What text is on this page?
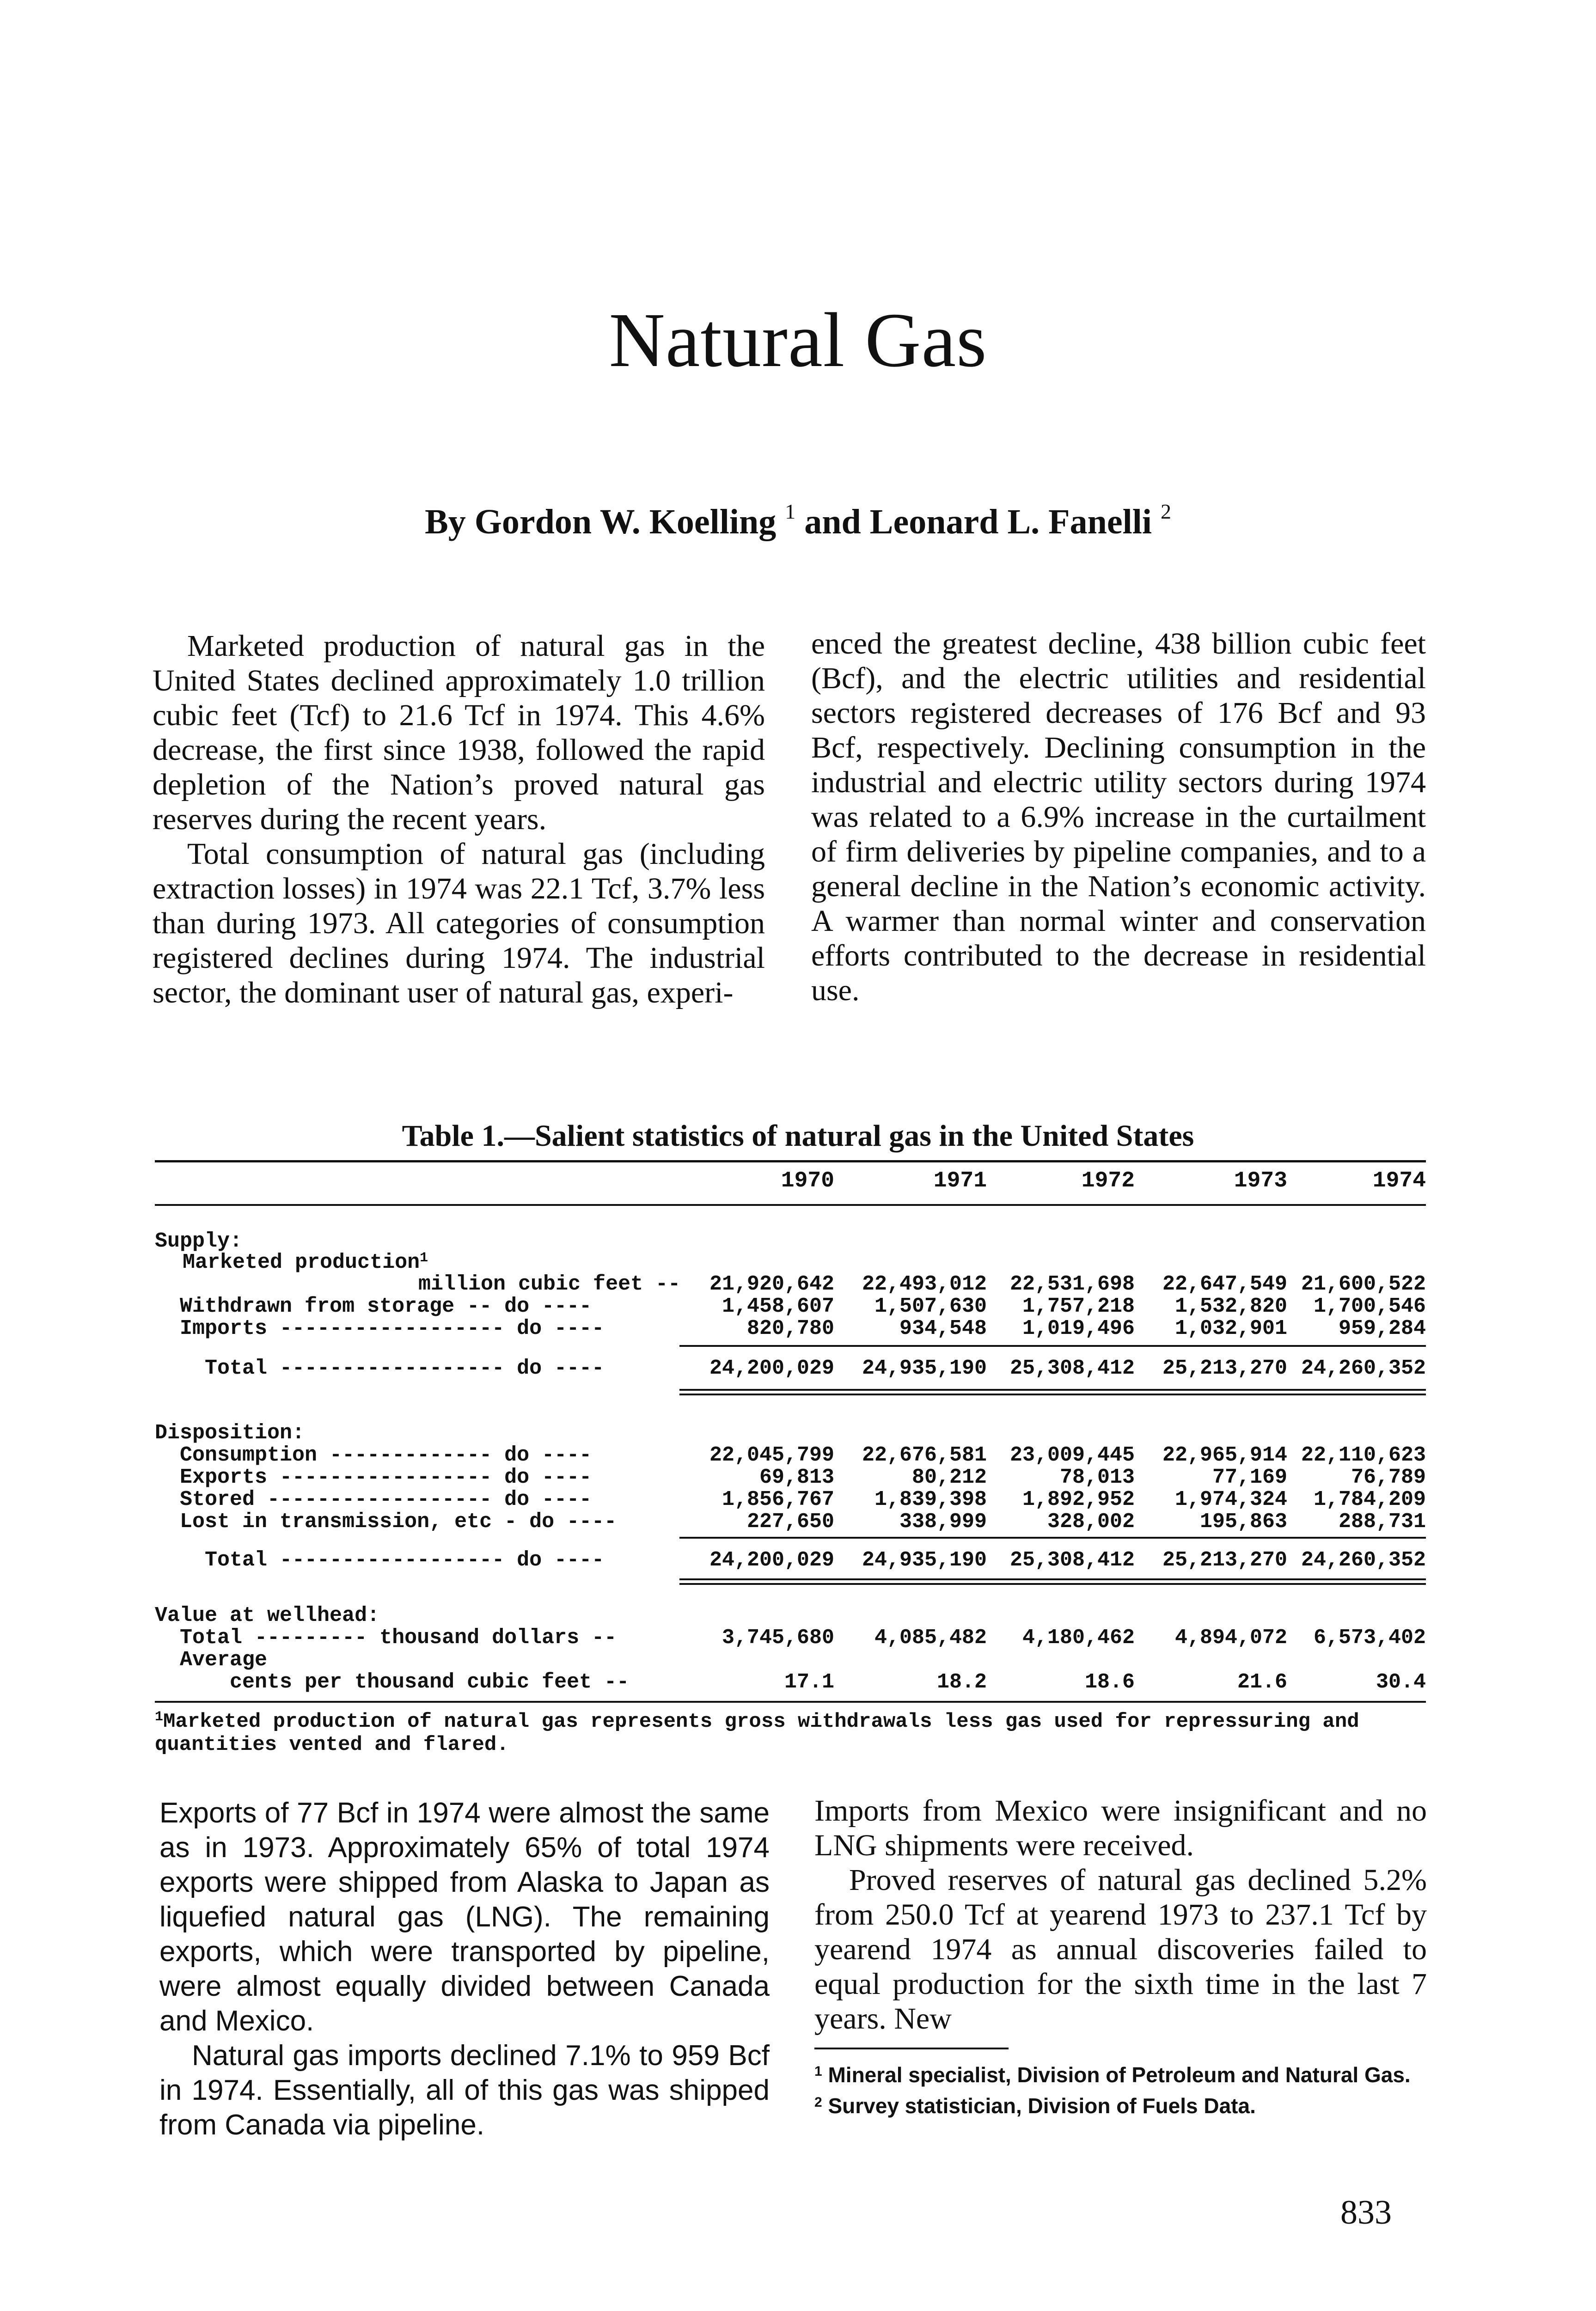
Natural Gas
By Gordon W. Koelling $^1$ and Leonard L. Fanelli $^2$

Marketed production of natural gas in the United States declined approximately 1.0 trillion cubic feet (Tcf) to 21.6 Tcf in 1974. This 4.6% decrease, the first since 1938, followed the rapid depletion of the Nation’s proved natural gas reserves during the recent years.

Total consumption of natural gas (including extraction losses) in 1974 was 22.1 Tcf, 3.7% less than during 1973. All categories of consumption registered declines during 1974. The industrial sector, the dominant user of natural gas, experi-

enced the greatest decline, 438 billion cubic feet (Bcf), and the electric utilities and residential sectors registered decreases of 176 Bcf and 93 Bcf, respectively. Declining consumption in the industrial and electric utility sectors during 1974 was related to a 6.9% increase in the curtailment of firm deliveries by pipeline companies, and to a general decline in the Nation’s economic activity. A warmer than normal winter and conservation efforts contributed to the decrease in residential use.

Table 1.—Salient statistics of natural gas in the United States
1970	1971	1972	1973	1974
Supply:
Marketed production$^1$
million cubic feet --	21,920,642	22,493,012	22,531,698	22,647,549 21,600,522
Withdrawn from storage -- do ----	1,458,607	1,507,630	1,757,218	1,532,820	1,700,546
Imports ------------------ do ----	820,780	934,548	1,019,496	1,032,901	959,284
Total ------------------ do ----	24,200,029	24,935,190	25,308,412	25,213,270 24,260,352
Disposition:
Consumption ------------- do ----	22,045,799	22,676,581	23,009,445	22,965,914 22,110,623
Exports ----------------- do ----	69,813	80,212	78,013	77,169	76,789
Stored ------------------ do ----	1,856,767	1,839,398	1,892,952	1,974,324	1,784,209
Lost in transmission, etc - do ----	227,650	338,999	328,002	195,863	288,731
Total ------------------ do ----	24,200,029	24,935,190	25,308,412	25,213,270 24,260,352
Value at wellhead:
Total --------- thousand dollars --	3,745,680	4,085,482	4,180,462	4,894,072	6,573,402
Average
cents per thousand cubic feet --	17.1	18.2	18.6	21.6	30.4
$^1$Marketed production of natural gas represents gross withdrawals less gas used for repressuring and quantities vented and flared.

Exports of 77 Bcf in 1974 were almost the same as in 1973. Approximately 65% of total 1974 exports were shipped from Alaska to Japan as liquefied natural gas (LNG). The remaining exports, which were transported by pipeline, were almost equally divided between Canada and Mexico.

Natural gas imports declined 7.1% to 959 Bcf in 1974. Essentially, all of this gas was shipped from Canada via pipeline.

Imports from Mexico were insignificant and no LNG shipments were received.

Proved reserves of natural gas declined 5.2% from 250.0 Tcf at yearend 1973 to 237.1 Tcf by yearend 1974 as annual discoveries failed to equal production for the sixth time in the last 7 years. New

$^1$ Mineral specialist, Division of Petroleum and Natural Gas.

$^2$ Survey statistician, Division of Fuels Data.

833
